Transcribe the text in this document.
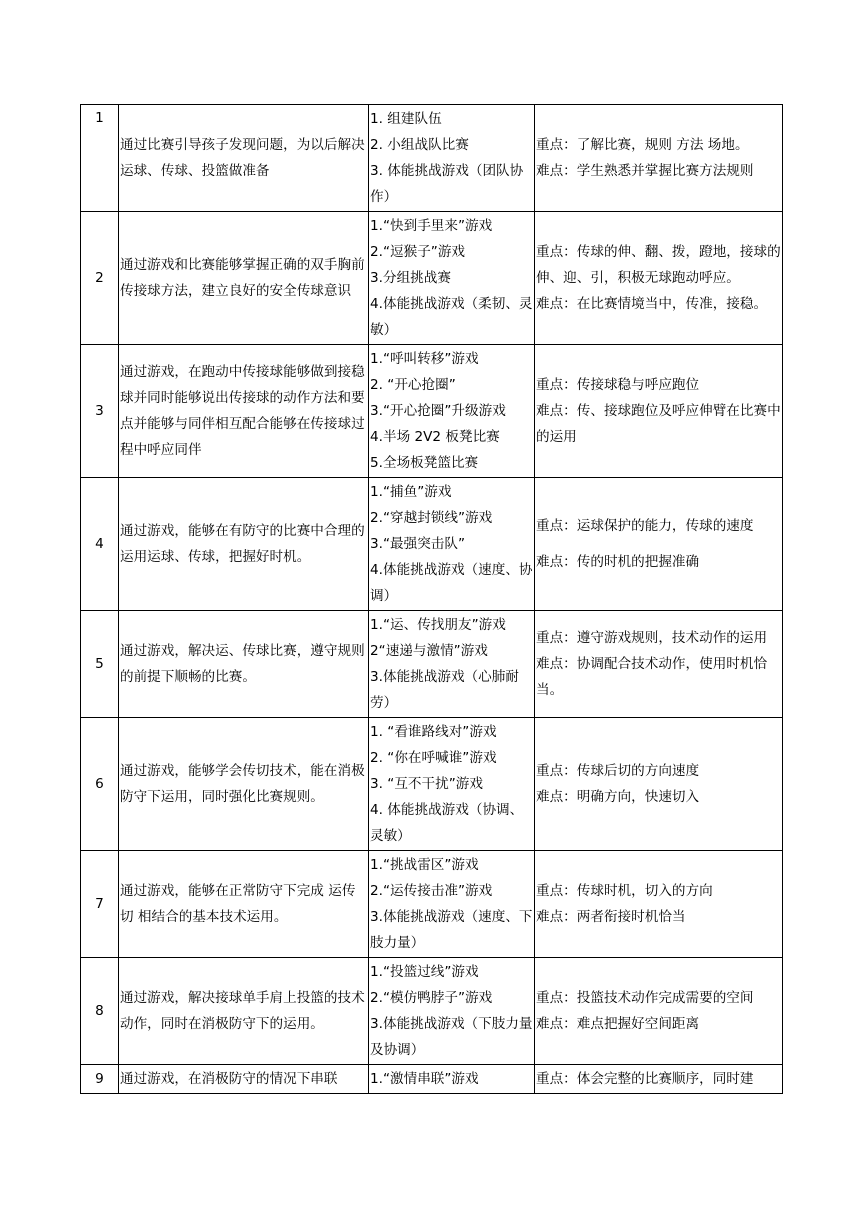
1	通过比赛引导孩子发现问题，为以后解决运球、传球、投篮做准备	1. 组建队伍
2. 小组战队比赛
3. 体能挑战游戏（团队协作）	重点：了解比赛，规则 方法 场地。
难点：学生熟悉并掌握比赛方法规则

2	通过游戏和比赛能够掌握正确的双手胸前传接球方法，建立良好的安全传球意识	1.“快到手里来”游戏
2.“逗猴子”游戏
3.分组挑战赛
4.体能挑战游戏（柔韧、灵敏）	重点：传球的伸、翻、拨，蹬地，接球的伸、迎、引，积极无球跑动呼应。
难点：在比赛情境当中，传准，接稳。

3	通过游戏，在跑动中传接球能够做到接稳球并同时能够说出传接球的动作方法和要点并能够与同伴相互配合能够在传接球过程中呼应同伴	1.“呼叫转移”游戏
2. “开心抢圈”
3.“开心抢圈”升级游戏
4.半场 2V2 板凳比赛
5.全场板凳篮比赛	重点：传接球稳与呼应跑位
难点：传、接球跑位及呼应伸臂在比赛中的运用

4	通过游戏，能够在有防守的比赛中合理的运用运球、传球，把握好时机。	1.“捕鱼”游戏
2.“穿越封锁线”游戏
3.“最强突击队”
4.体能挑战游戏（速度、协调）	重点：运球保护的能力，传球的速度
难点：传的时机的把握准确

5	通过游戏，解决运、传球比赛，遵守规则的前提下顺畅的比赛。	1.“运、传找朋友”游戏
2“速递与激情”游戏
3.体能挑战游戏（心肺耐劳）	重点：遵守游戏规则，技术动作的运用
难点：协调配合技术动作，使用时机恰当。

6	通过游戏，能够学会传切技术，能在消极防守下运用，同时强化比赛规则。	1. “看谁路线对”游戏
2. “你在呼喊谁”游戏
3. “互不干扰”游戏
4. 体能挑战游戏（协调、灵敏）	重点：传球后切的方向速度
难点：明确方向，快速切入

7	通过游戏，能够在正常防守下完成 运传 切 相结合的基本技术运用。	1.“挑战雷区”游戏
2.“运传接击准”游戏
3.体能挑战游戏（速度、下肢力量）	重点：传球时机，切入的方向
难点：两者衔接时机恰当

8	通过游戏，解决接球单手肩上投篮的技术动作，同时在消极防守下的运用。	1.“投篮过线”游戏
2.“模仿鸭脖子”游戏
3.体能挑战游戏（下肢力量及协调）	重点：投篮技术动作完成需要的空间
难点：难点把握好空间距离

9	通过游戏，在消极防守的情况下串联	1.“激情串联”游戏	重点：体会完整的比赛顺序，同时建
